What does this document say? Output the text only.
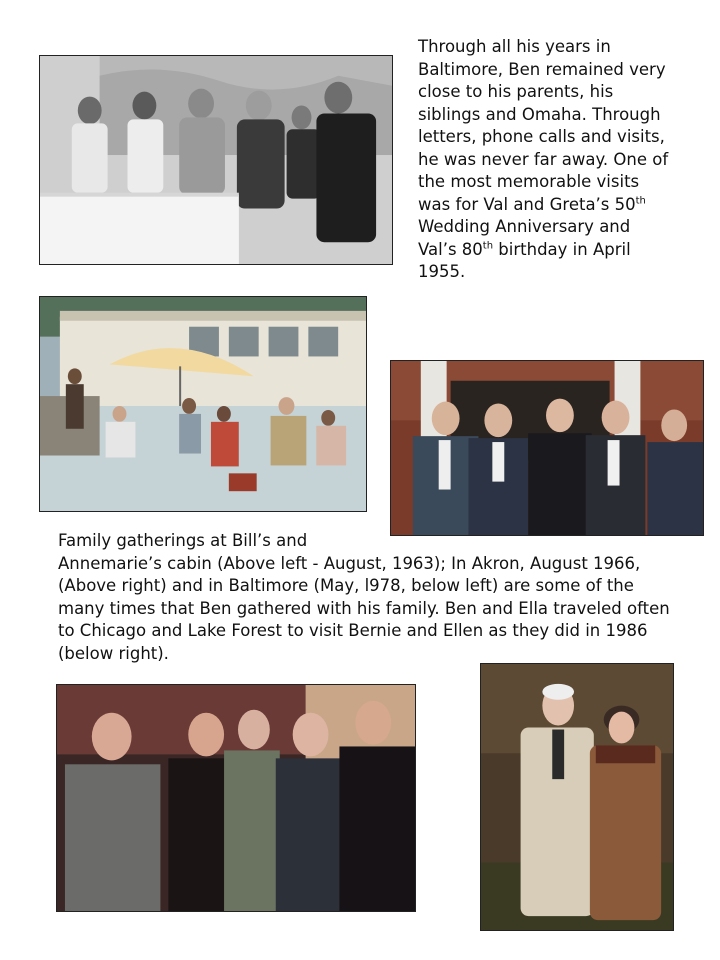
Through all his years in
Baltimore, Ben remained very
close to his parents, his
siblings and Omaha. Through
letters, phone calls and visits,
he was never far away. One of
the most memorable visits
was for Val and Greta’s 50th
Wedding Anniversary and
Val’s 80th birthday in April
1955.

Family gatherings at Bill’s and
Annemarie’s cabin (Above left - August, 1963); In Akron, August 1966,
(Above right) and in Baltimore (May, l978, below left) are some of the
many times that Ben gathered with his family. Ben and Ella traveled often
to Chicago and Lake Forest to visit Bernie and Ellen as they did in 1986
(below right).
